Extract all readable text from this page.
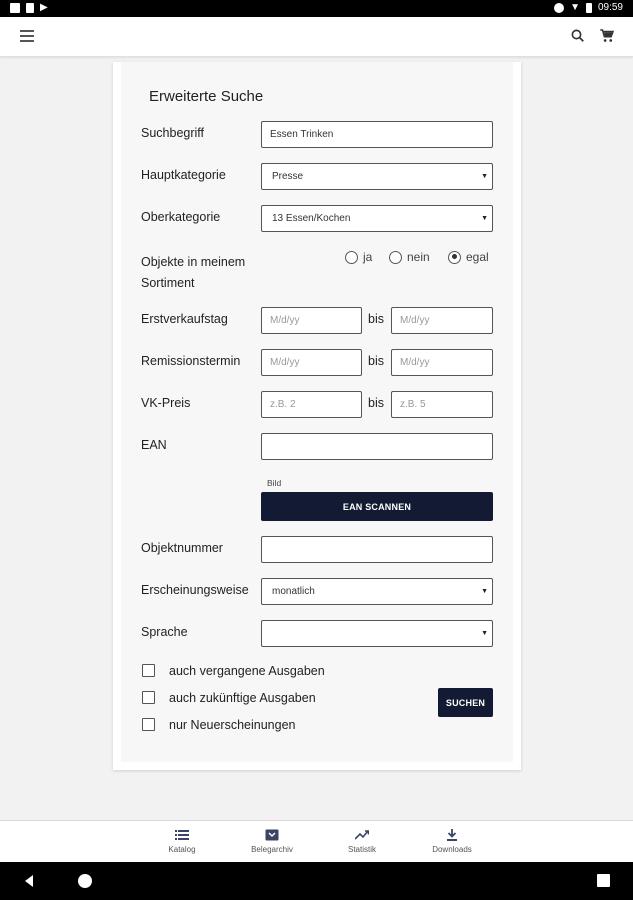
▶	▼ 09:59
Erweiterte Suche
Suchbegriff	Essen Trinken
Hauptkategorie	Presse	▼
Oberkategorie	13 Essen/Kochen	▼
Objekte in meinem
Sortiment
ja	nein	egal
Erstverkaufstag	M/d/yy	bis	M/d/yy
Remissionstermin	M/d/yy	bis	M/d/yy
VK-Preis	z.B. 2	bis	z.B. 5
EAN
Bild
EAN SCANNEN
Objektnummer
Erscheinungsweise	monatlich	▼
Sprache	▼
auch vergangene Ausgaben
auch zukünftige Ausgaben
nur Neuerscheinungen
SUCHEN
Katalog	Belegarchiv	Statistik	Downloads
